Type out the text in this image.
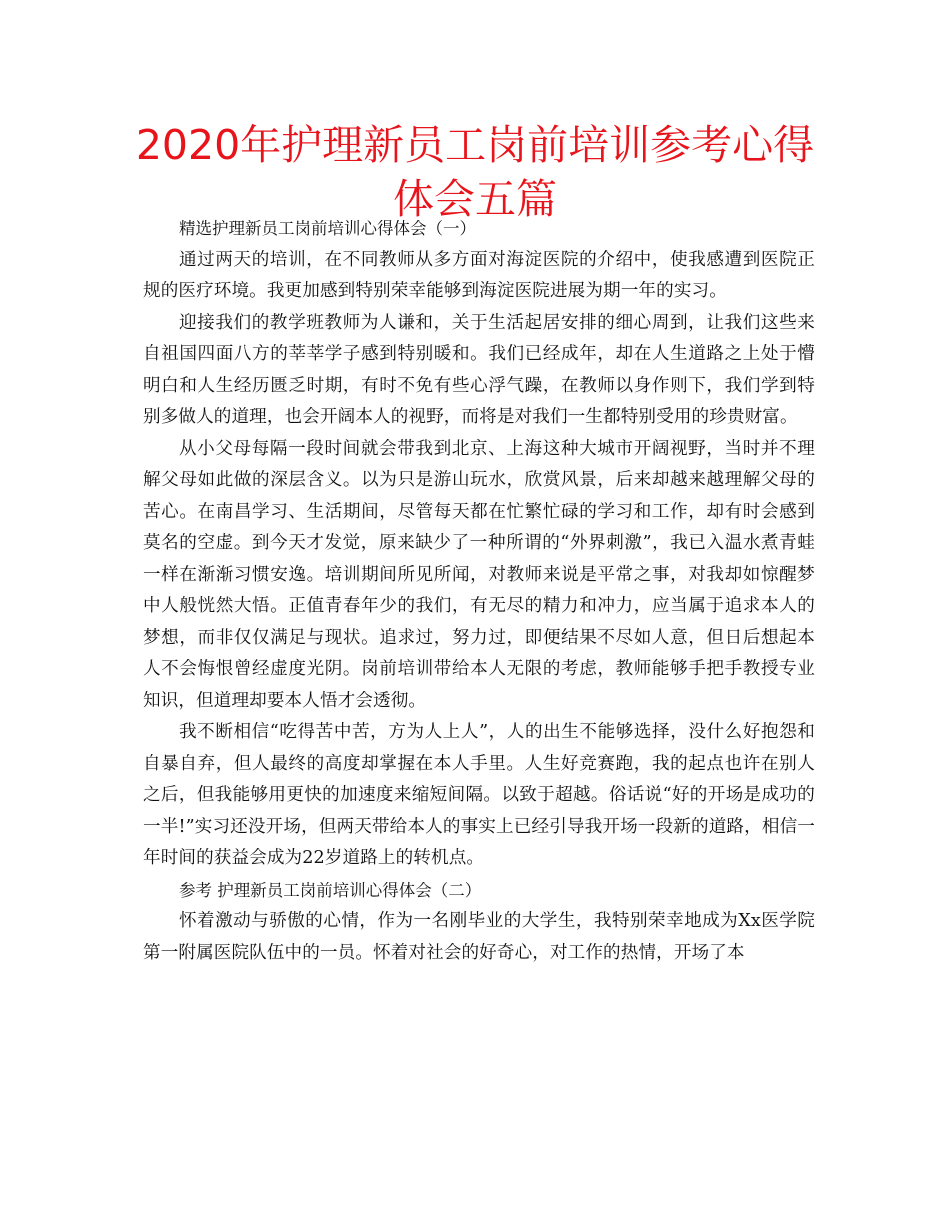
2020年护理新员工岗前培训参考心得体会五篇

精选护理新员工岗前培训心得体会（一）

通过两天的培训，在不同教师从多方面对海淀医院的介绍中，使我感遭到医院正规的医疗环境。我更加感到特别荣幸能够到海淀医院进展为期一年的实习。

迎接我们的教学班教师为人谦和，关于生活起居安排的细心周到，让我们这些来自祖国四面八方的莘莘学子感到特别暖和。我们已经成年，却在人生道路之上处于懵明白和人生经历匮乏时期，有时不免有些心浮气躁，在教师以身作则下，我们学到特别多做人的道理，也会开阔本人的视野，而将是对我们一生都特别受用的珍贵财富。

从小父母每隔一段时间就会带我到北京、上海这种大城市开阔视野，当时并不理解父母如此做的深层含义。以为只是游山玩水，欣赏风景，后来却越来越理解父母的苦心。在南昌学习、生活期间，尽管每天都在忙繁忙碌的学习和工作，却有时会感到莫名的空虚。到今天才发觉，原来缺少了一种所谓的“外界刺激”，我已入温水煮青蛙一样在渐渐习惯安逸。培训期间所见所闻，对教师来说是平常之事，对我却如惊醒梦中人般恍然大悟。正值青春年少的我们，有无尽的精力和冲力，应当属于追求本人的梦想，而非仅仅满足与现状。追求过，努力过，即便结果不尽如人意，但日后想起本人不会悔恨曾经虚度光阴。岗前培训带给本人无限的考虑，教师能够手把手教授专业知识，但道理却要本人悟才会透彻。

我不断相信“吃得苦中苦，方为人上人”，人的出生不能够选择，没什么好抱怨和自暴自弃，但人最终的高度却掌握在本人手里。人生好竞赛跑，我的起点也许在别人之后，但我能够用更快的加速度来缩短间隔。以致于超越。俗话说“好的开场是成功的一半!”实习还没开场，但两天带给本人的事实上已经引导我开场一段新的道路，相信一年时间的获益会成为22岁道路上的转机点。

参考 护理新员工岗前培训心得体会（二）

怀着激动与骄傲的心情，作为一名刚毕业的大学生，我特别荣幸地成为Xx医学院第一附属医院队伍中的一员。怀着对社会的好奇心，对工作的热情，开场了本
